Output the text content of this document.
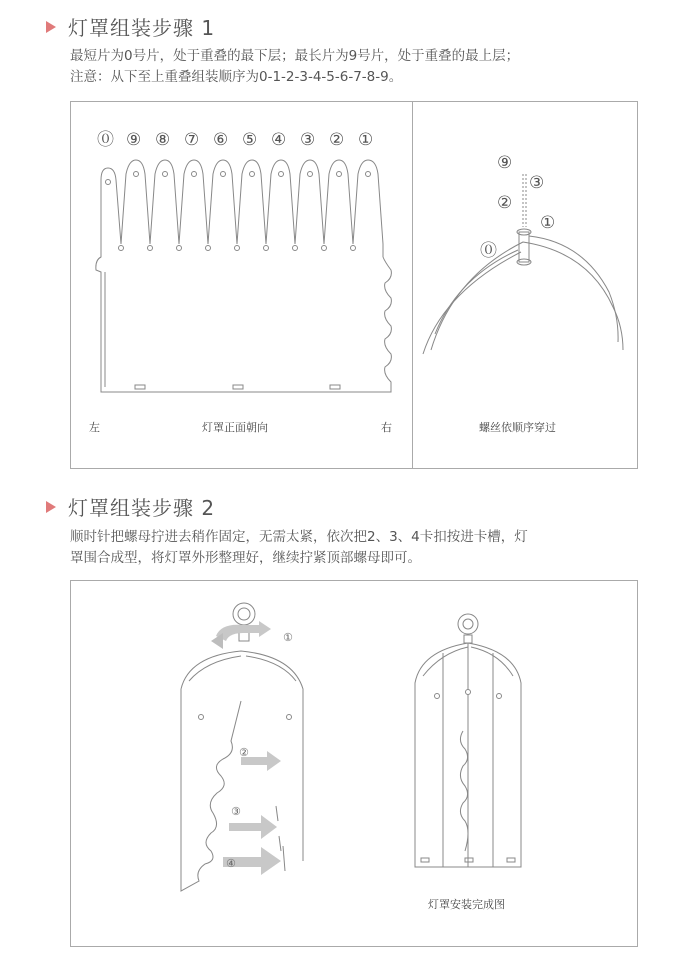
灯罩组装步骤 1
最短片为0号片，处于重叠的最下层；最长片为9号片，处于重叠的最上层；
注意：从下至上重叠组装顺序为0-1-2-3-4-5-6-7-8-9。
⓪ ⑨ ⑧ ⑦ ⑥ ⑤ ④ ③ ② ①
左	灯罩正面朝向	右
⑨
③
②
①
⓪
螺丝依顺序穿过
灯罩组装步骤 2
顺时针把螺母拧进去稍作固定，无需太紧，依次把2、3、4卡扣按进卡槽，灯
罩围合成型，将灯罩外形整理好，继续拧紧顶部螺母即可。
①
②
③
④
灯罩安装完成图
